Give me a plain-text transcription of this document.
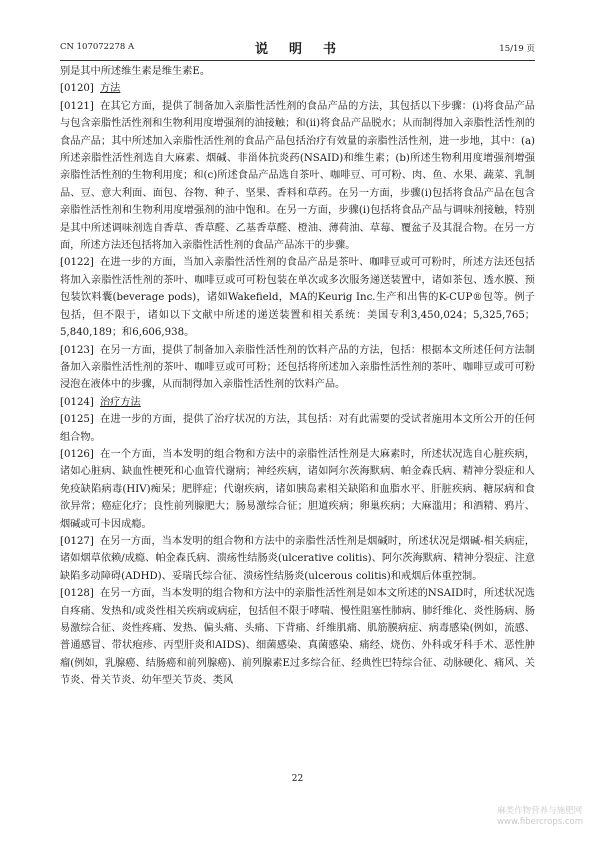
CN 107072278 A	说　明　书	15/19 页

别是其中所述维生素是维生素E。

[0120] 方法

[0121] 在其它方面，提供了制备加入亲脂性活性剂的食品产品的方法，其包括以下步骤：(i)将食品产品与包含亲脂性活性剂和生物利用度增强剂的油接触；和(ii)将食品产品脱水；从而制得加入亲脂性活性剂的食品产品；其中所述加入亲脂性活性剂的食品产品包括治疗有效量的亲脂性活性剂，进一步地，其中：(a)所述亲脂性活性剂选自大麻素、烟碱、非甾体抗炎药(NSAID)和维生素；(b)所述生物利用度增强剂增强亲脂性活性剂的生物利用度；和(c)所述食品产品选自茶叶、咖啡豆、可可粉、肉、鱼、水果、蔬菜、乳制品、豆、意大利面、面包、谷物、种子、坚果、香料和草药。在另一方面，步骤(i)包括将食品产品在包含亲脂性活性剂和生物利用度增强剂的油中饱和。在另一方面，步骤(i)包括将食品产品与调味剂接触，特别是其中所述调味剂选自香草、香草醛、乙基香草醛、橙油、薄荷油、草莓、覆盆子及其混合物。在另一方面，所述方法还包括将加入亲脂性活性剂的食品产品冻干的步骤。

[0122] 在进一步的方面，当加入亲脂性活性剂的食品产品是茶叶、咖啡豆或可可粉时，所述方法还包括将加入亲脂性活性剂的茶叶、咖啡豆或可可粉包装在单次或多次服务递送装置中，诸如茶包、透水膜、预包装饮料囊(beverage pods)，诸如Wakefield，MA的Keurig Inc.生产和出售的K-CUP®包等。例子包括，但不限于，诸如以下文献中所述的递送装置和相关系统：美国专利3,450,024；5,325,765；5,840,189；和6,606,938。

[0123] 在另一方面，提供了制备加入亲脂性活性剂的饮料产品的方法，包括：根据本文所述任何方法制备加入亲脂性活性剂的茶叶、咖啡豆或可可粉；还包括将所述加入亲脂性活性剂的茶叶、咖啡豆或可可粉浸泡在液体中的步骤，从而制得加入亲脂性活性剂的饮料产品。

[0124] 治疗方法

[0125] 在进一步的方面，提供了治疗状况的方法，其包括：对有此需要的受试者施用本文所公开的任何组合物。

[0126] 在一个方面，当本发明的组合物和方法中的亲脂性活性剂是大麻素时，所述状况选自心脏疾病，诸如心脏病、缺血性梗死和心血管代谢病；神经疾病，诸如阿尔茨海默病、帕金森氏病、精神分裂症和人免疫缺陷病毒(HIV)痴呆；肥胖症；代谢疾病，诸如胰岛素相关缺陷和血脂水平、肝脏疾病、糖尿病和食欲异常；癌症化疗；良性前列腺肥大；肠易激综合征；胆道疾病；卵巢疾病；大麻滥用；和酒精、鸦片、烟碱或可卡因成瘾。

[0127] 在另一方面，当本发明的组合物和方法中的亲脂性活性剂是烟碱时，所述状况是烟碱-相关病症，诸如烟草依赖/成瘾、帕金森氏病、溃疡性结肠炎(ulcerative colitis)、阿尔茨海默病、精神分裂症、注意缺陷多动障碍(ADHD)、妥瑞氏综合征、溃疡性结肠炎(ulcerous colitis)和戒烟后体重控制。

[0128] 在另一方面，当本发明的组合物和方法中的亲脂性活性剂是如本文所述的NSAID时，所述状况选自疼痛、发热和/或炎性相关疾病或病症，包括但不限于哮喘、慢性阻塞性肺病、肺纤维化、炎性肠病、肠易激综合征、炎性疼痛、发热、偏头痛、头痛、下背痛、纤维肌痛、肌筋膜病症、病毒感染(例如，流感、普通感冒、带状疱疹、丙型肝炎和AIDS)、细菌感染、真菌感染、痛经、烧伤、外科或牙科手术、恶性肿瘤(例如，乳腺癌、结肠癌和前列腺癌)、前列腺素E过多综合征、经典性巴特综合征、动脉硬化、痛风、关节炎、骨关节炎、幼年型关节炎、类风

22
麻类作物营养与施肥网
www.fibercrops.com
